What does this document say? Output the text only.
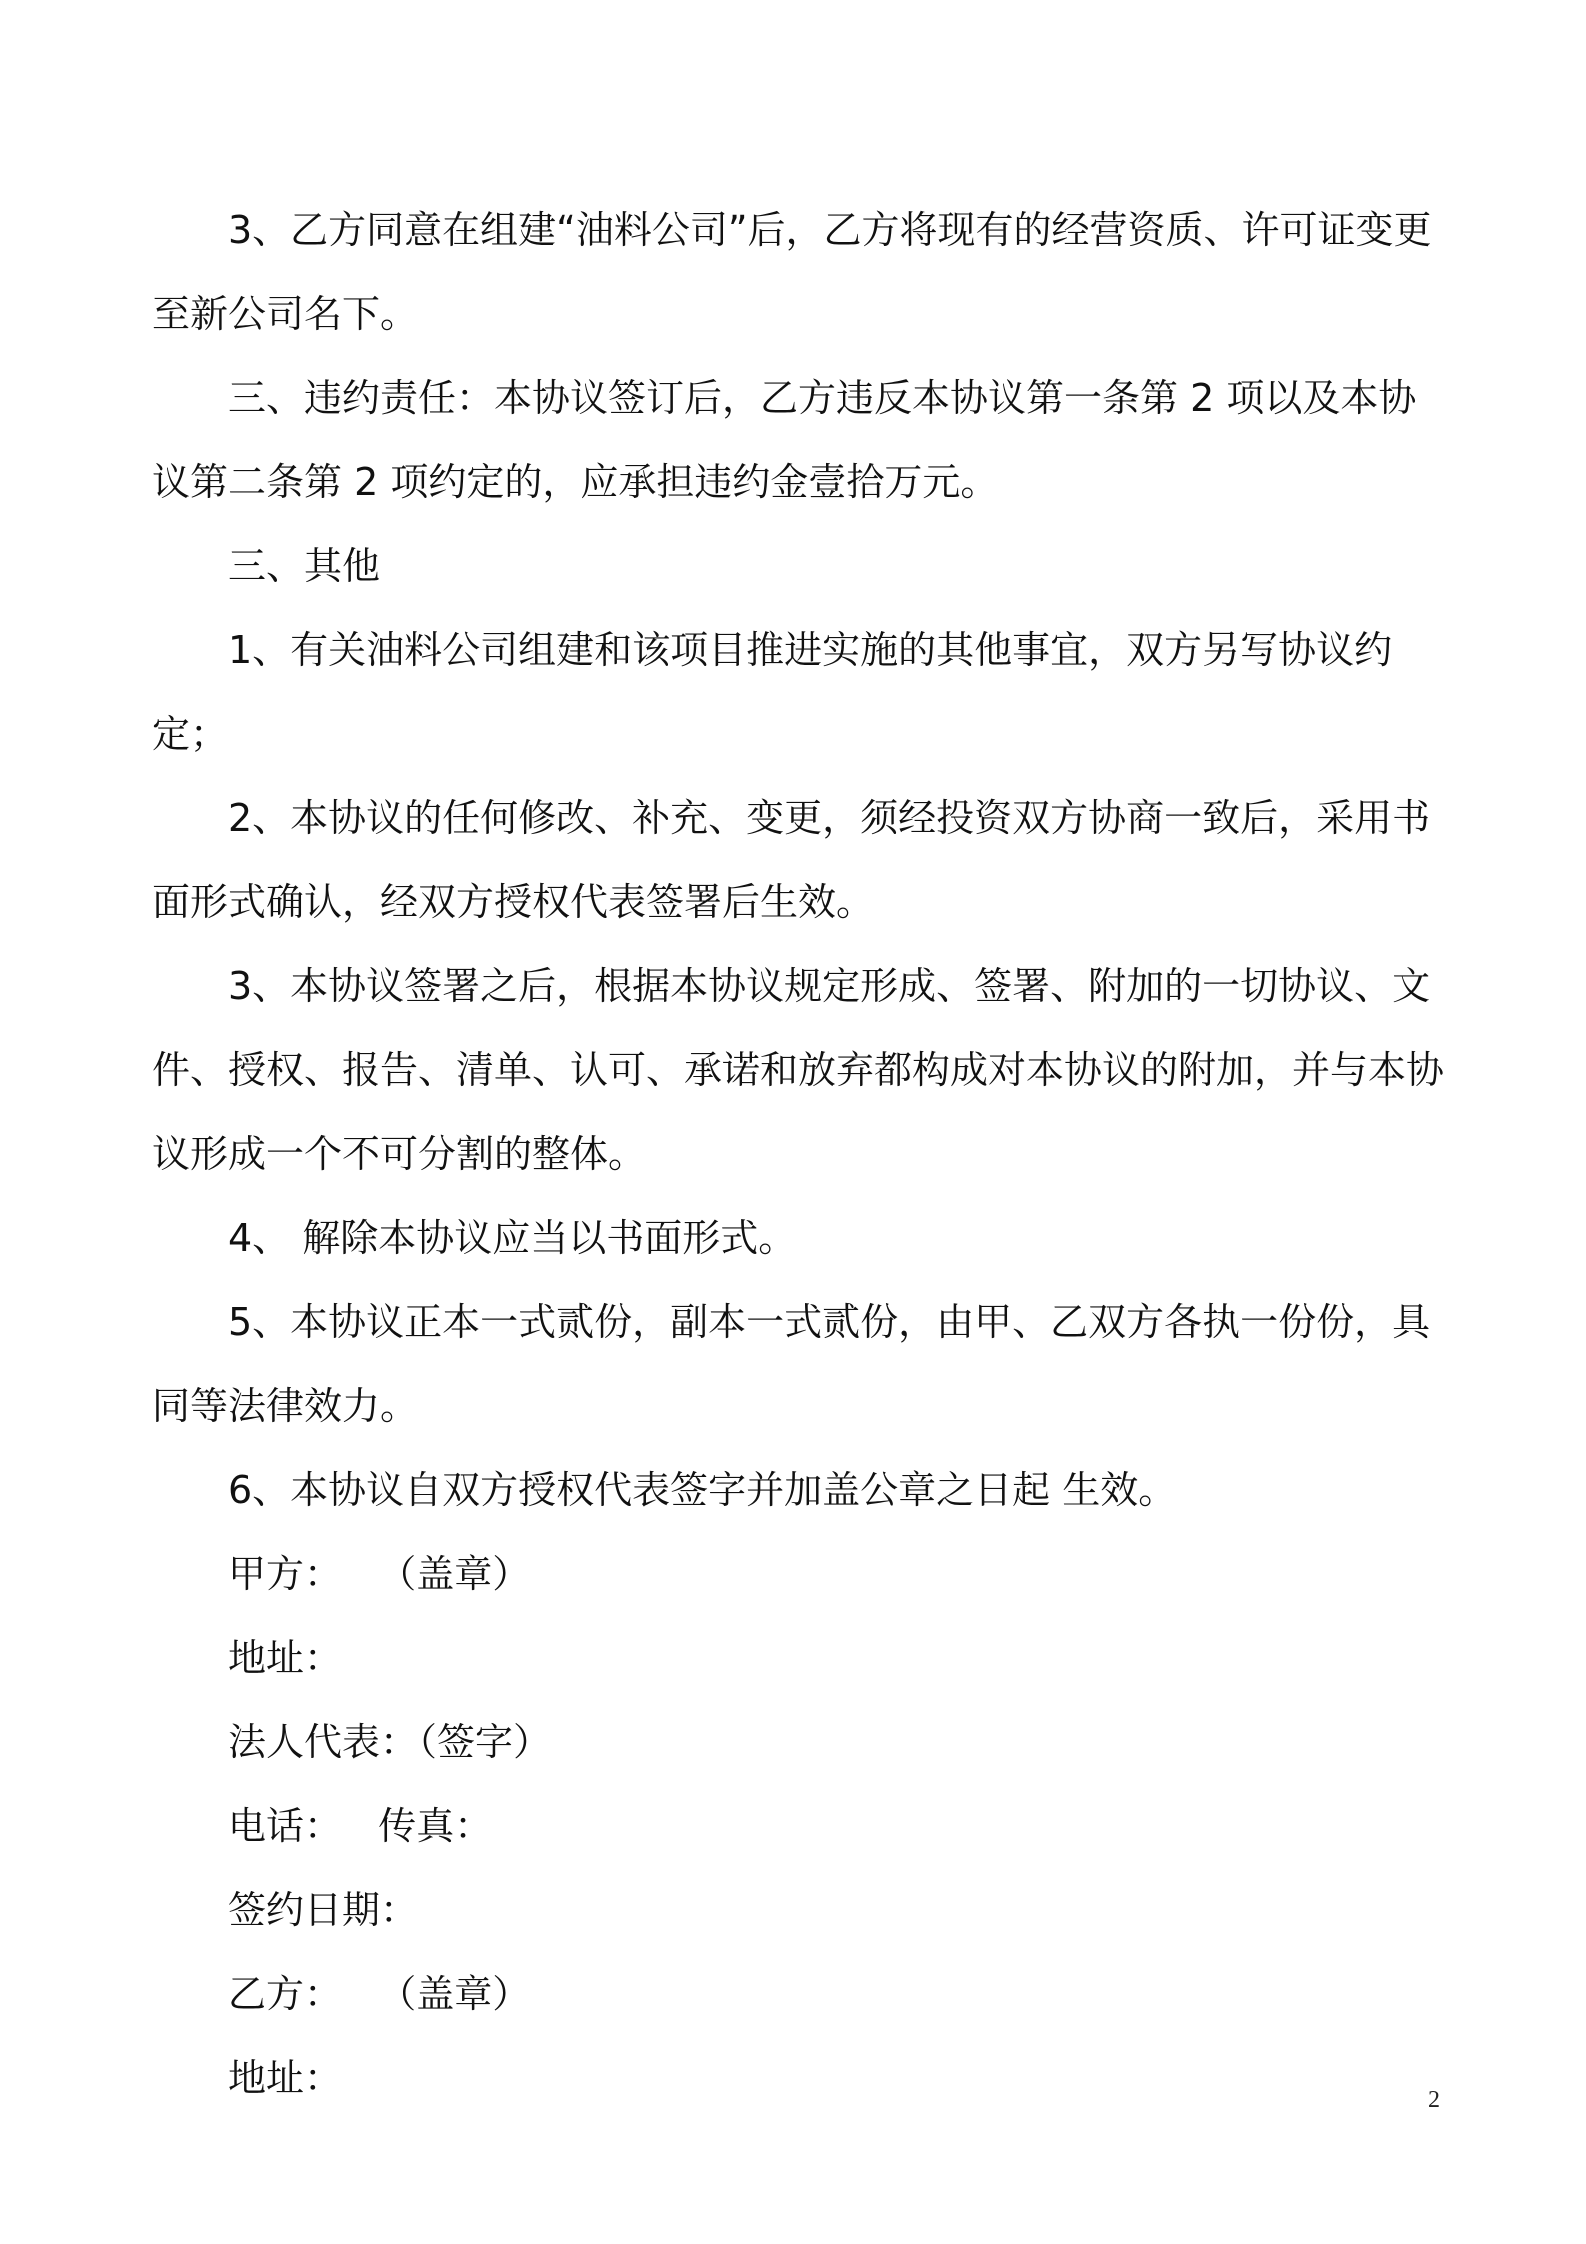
3、乙方同意在组建“油料公司”后，乙方将现有的经营资质、许可证变更至新公司名下。

三、违约责任：本协议签订后，乙方违反本协议第一条第 2 项以及本协议第二条第 2 项约定的，应承担违约金壹拾万元。

三、其他

1、有关油料公司组建和该项目推进实施的其他事宜，双方另写协议约定；

2、本协议的任何修改、补充、变更，须经投资双方协商一致后，采用书面形式确认，经双方授权代表签署后生效。

3、本协议签署之后，根据本协议规定形成、签署、附加的一切协议、文件、授权、报告、清单、认可、承诺和放弃都构成对本协议的附加，并与本协议形成一个不可分割的整体。

4、 解除本协议应当以书面形式。

5、本协议正本一式贰份，副本一式贰份，由甲、乙双方各执一份份，具同等法律效力。

6、本协议自双方授权代表签字并加盖公章之日起 生效。

甲方：   （盖章）

地址：

法人代表：（签字）

电话：   传真：

签约日期：

乙方：   （盖章）

地址：	2
